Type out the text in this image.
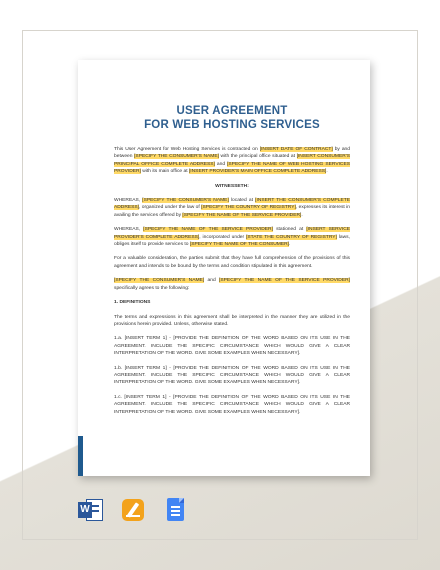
USER AGREEMENT
FOR WEB HOSTING SERVICES
This User Agreement for Web Hosting Services is contracted on [INSERT DATE OF CONTRACT] by and between [SPECIFY THE CONSUMER'S NAME] with the principal office situated at [INSERT CONSUMER'S PRINCIPAL OFFICE COMPLETE ADDRESS] and [SPECIFY THE NAME OF WEB HOSTING SERVICES PROVIDER] with its main office at [INSERT PROVIDER'S MAIN OFFICE COMPLETE ADDRESS].
WITNESSETH:
WHEREAS, [SPECIFY THE CONSUMER'S NAME] located at [INSERT THE CONSUMER'S COMPLETE ADDRESS], organized under the law of [SPECIFY THE COUNTRY OF REGISTRY], expresses its interest in availing the services offered by [SPECIFY THE NAME OF THE SERVICE PROVIDER].
WHEREAS, [SPECIFY THE NAME OF THE SERVICE PROVIDER] stationed at [INSERT SERVICE PROVIDER'S COMPLETE ADDRESS], incorporated under [STATE THE COUNTRY OF REGISTRY] laws, obliges itself to provide services to [SPECIFY THE NAME OF THE CONSUMER].
For a valuable consideration, the parties submit that they have full comprehension of the provisions of this agreement and intends to be bound by the terms and condition stipulated in this agreement.
[SPECIFY THE CONSUMER'S NAME] and [SPECIFY THE NAME OF THE SERVICE PROVIDER] specifically agrees to the following:
1. DEFINITIONS
The terms and expressions in this agreement shall be interpreted in the manner they are utilized in the provisions herein provided. Unless, otherwise stated.
1.a. [INSERT TERM 1] - [PROVIDE THE DEFINITION OF THE WORD BASED ON ITS USE IN THE AGREEMENT. INCLUDE THE SPECIFIC CIRCUMSTANCE WHICH WOULD GIVE A CLEAR INTERPRETATION OF THE WORD. GIVE SOME EXAMPLES WHEN NECESSARY].
1.b. [INSERT TERM 1] - [PROVIDE THE DEFINITION OF THE WORD BASED ON ITS USE IN THE AGREEMENT. INCLUDE THE SPECIFIC CIRCUMSTANCE WHICH WOULD GIVE A CLEAR INTERPRETATION OF THE WORD. GIVE SOME EXAMPLES WHEN NECESSARY].
1.c. [INSERT TERM 1] - [PROVIDE THE DEFINITION OF THE WORD BASED ON ITS USE IN THE AGREEMENT. INCLUDE THE SPECIFIC CIRCUMSTANCE WHICH WOULD GIVE A CLEAR INTERPRETATION OF THE WORD. GIVE SOME EXAMPLES WHEN NECESSARY].
W
